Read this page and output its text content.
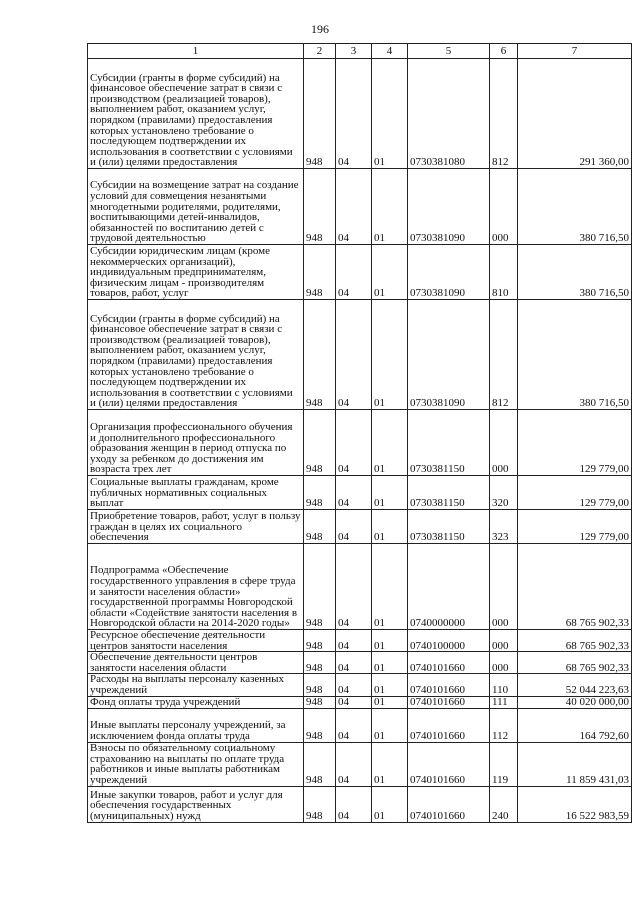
196
1	2	3	4	5	6	7
Субсидии (гранты в форме субсидий) на финансовое обеспечение затрат в связи с производством (реализацией товаров), выполнением работ, оказанием услуг, порядком (правилами) предоставления которых установлено требование о последующем подтверждении их использования в соответствии с условиями и (или) целями предоставления	948	04	01	0730381080	812	291 360,00
Субсидии на возмещение затрат на создание условий для совмещения незанятыми многодетными родителями, родителями, воспитывающими детей-инвалидов, обязанностей по воспитанию детей с трудовой деятельностью	948	04	01	0730381090	000	380 716,50
Субсидии юридическим лицам (кроме некоммерческих организаций), индивидуальным предпринимателям, физическим лицам - производителям товаров, работ, услуг	948	04	01	0730381090	810	380 716,50
Субсидии (гранты в форме субсидий) на финансовое обеспечение затрат в связи с производством (реализацией товаров), выполнением работ, оказанием услуг, порядком (правилами) предоставления которых установлено требование о последующем подтверждении их использования в соответствии с условиями и (или) целями предоставления	948	04	01	0730381090	812	380 716,50
Организация профессионального обучения и дополнительного профессионального образования женщин в период отпуска по уходу за ребенком до достижения им возраста трех лет	948	04	01	0730381150	000	129 779,00
Социальные выплаты гражданам, кроме публичных нормативных социальных выплат	948	04	01	0730381150	320	129 779,00
Приобретение товаров, работ, услуг в пользу граждан в целях их социального обеспечения	948	04	01	0730381150	323	129 779,00
Подпрограмма «Обеспечение государственного управления в сфере труда и занятости населения области» государственной программы Новгородской области «Содействие занятости населения в Новгородской области на 2014-2020 годы»	948	04	01	0740000000	000	68 765 902,33
Ресурсное обеспечение деятельности центров занятости населения	948	04	01	0740100000	000	68 765 902,33
Обеспечение деятельности центров занятости населения области	948	04	01	0740101660	000	68 765 902,33
Расходы на выплаты персоналу казенных учреждений	948	04	01	0740101660	110	52 044 223,63
Фонд оплаты труда учреждений	948	04	01	0740101660	111	40 020 000,00
Иные выплаты персоналу учреждений, за исключением фонда оплаты труда	948	04	01	0740101660	112	164 792,60
Взносы по обязательному социальному страхованию на выплаты по оплате труда работников и иные выплаты работникам учреждений	948	04	01	0740101660	119	11 859 431,03
Иные закупки товаров, работ и услуг для обеспечения государственных (муниципальных) нужд	948	04	01	0740101660	240	16 522 983,59
